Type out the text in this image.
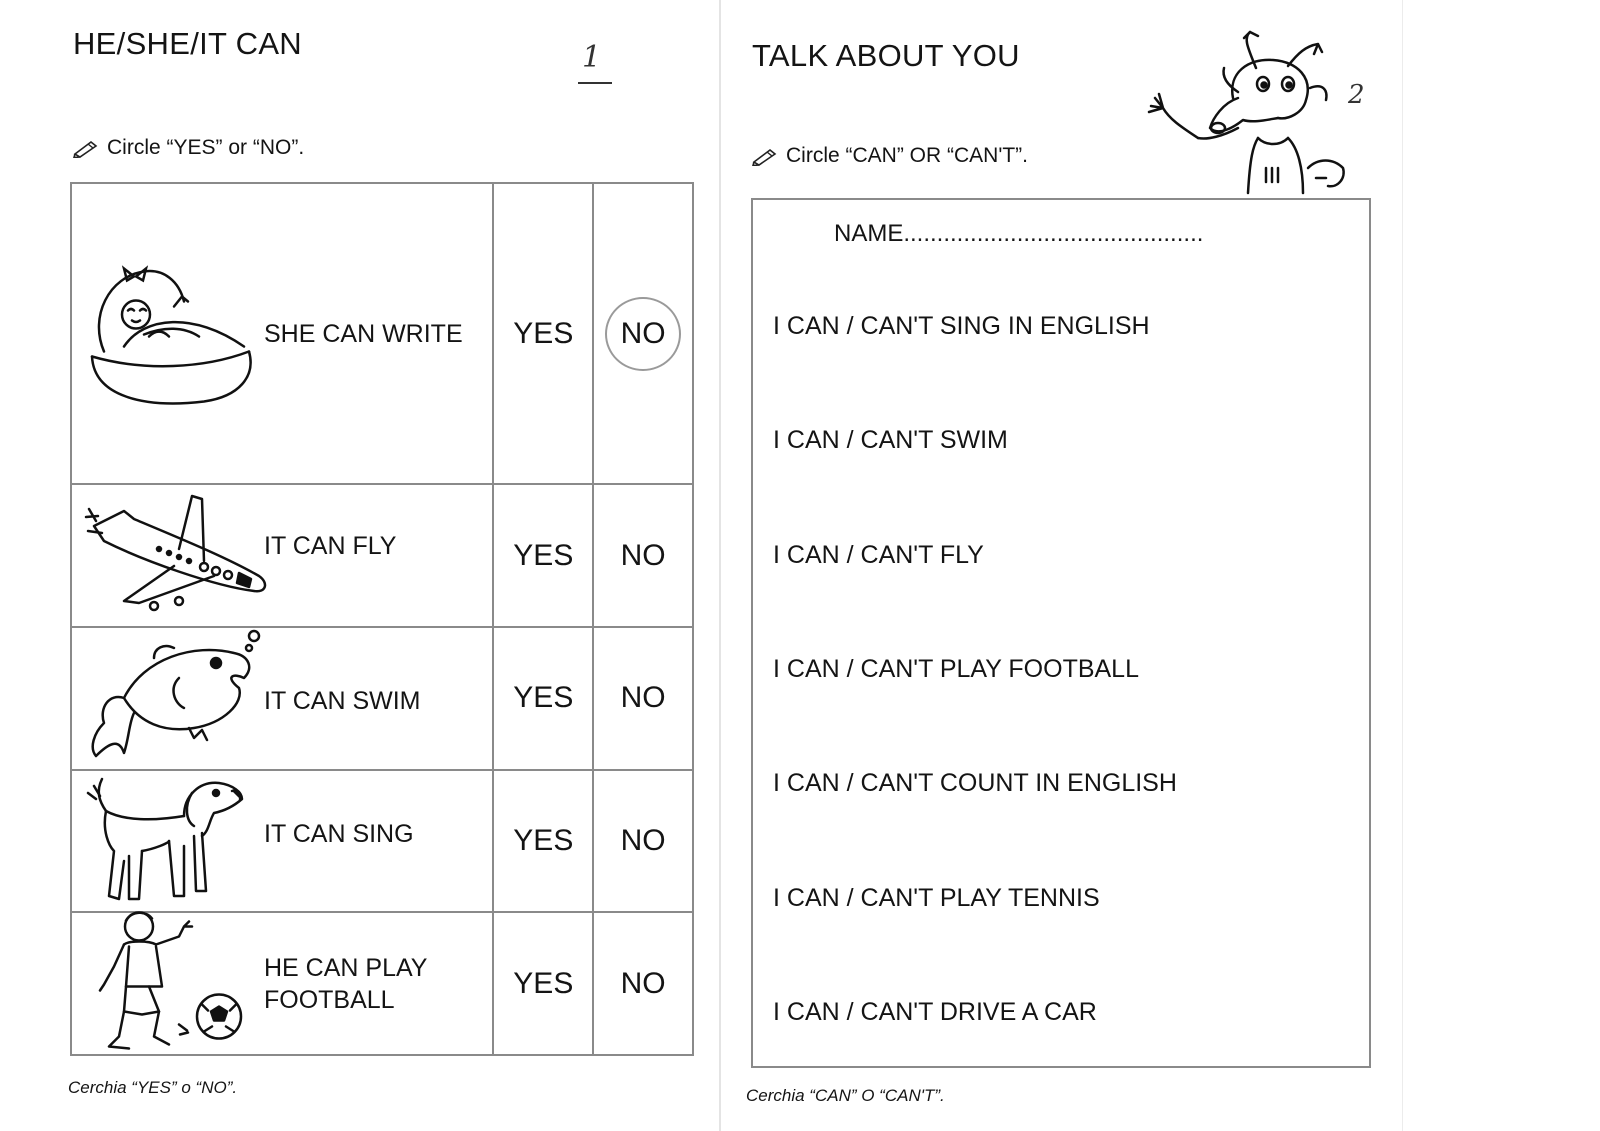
HE/SHE/IT CAN	1
Circle “YES” or “NO”.
SHE CAN WRITE	YES	NO

IT CAN FLY	YES	NO

IT CAN SWIM	YES	NO

IT CAN SING	YES	NO

HE CAN PLAY
FOOTBALL	YES	NO
Cerchia “YES” o “NO”.
TALK ABOUT YOU
Circle “CAN” OR “CAN'T”.
2
NAME.............................................
I CAN / CAN'T SING IN ENGLISH
I CAN / CAN'T SWIM
I CAN / CAN'T FLY
I CAN / CAN'T PLAY FOOTBALL
I CAN / CAN'T COUNT IN ENGLISH
I CAN / CAN'T PLAY TENNIS
I CAN / CAN'T DRIVE A CAR
Cerchia “CAN” O “CAN'T”.
